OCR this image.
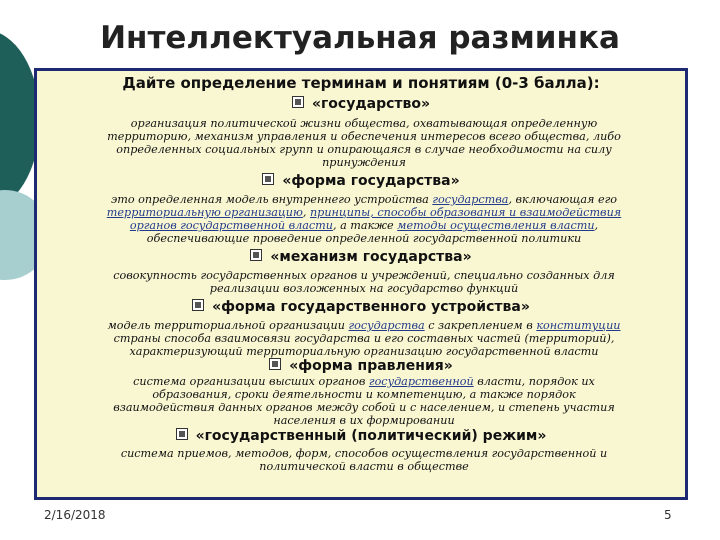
Интеллектуальная разминка
Дайте определение терминам и понятиям (0-3 балла):
«государство»
организация политической жизни общества, охватывающая определенную
территорию, механизм управления и обеспечения интересов всего общества, либо
определенных социальных групп и опирающаяся в случае необходимости на силу
принуждения
«форма государства»
это определенная модель внутреннего устройства государства, включающая его
территориальную организацию, принципы, способы образования и взаимодействия
органов государственной власти, а также методы осуществления власти,
обеспечивающие проведение определенной государственной политики
«механизм государства»
совокупность государственных органов и учреждений, специально созданных для
реализации возложенных на государство функций
«форма государственного устройства»
модель территориальной организации государства с закреплением в конституции
страны способа взаимосвязи государства и его составных частей (территорий),
характеризующий территориальную организацию государственной власти
«форма правления»
система организации высших органов государственной власти, порядок их
образования, сроки деятельности и компетенцию, а также порядок
взаимодействия данных органов между собой и с населением, и степень участия
населения в их формировании
«государственный (политический) режим»
система приемов, методов, форм, способов осуществления государственной и
политической власти в обществе
2/16/2018	5
